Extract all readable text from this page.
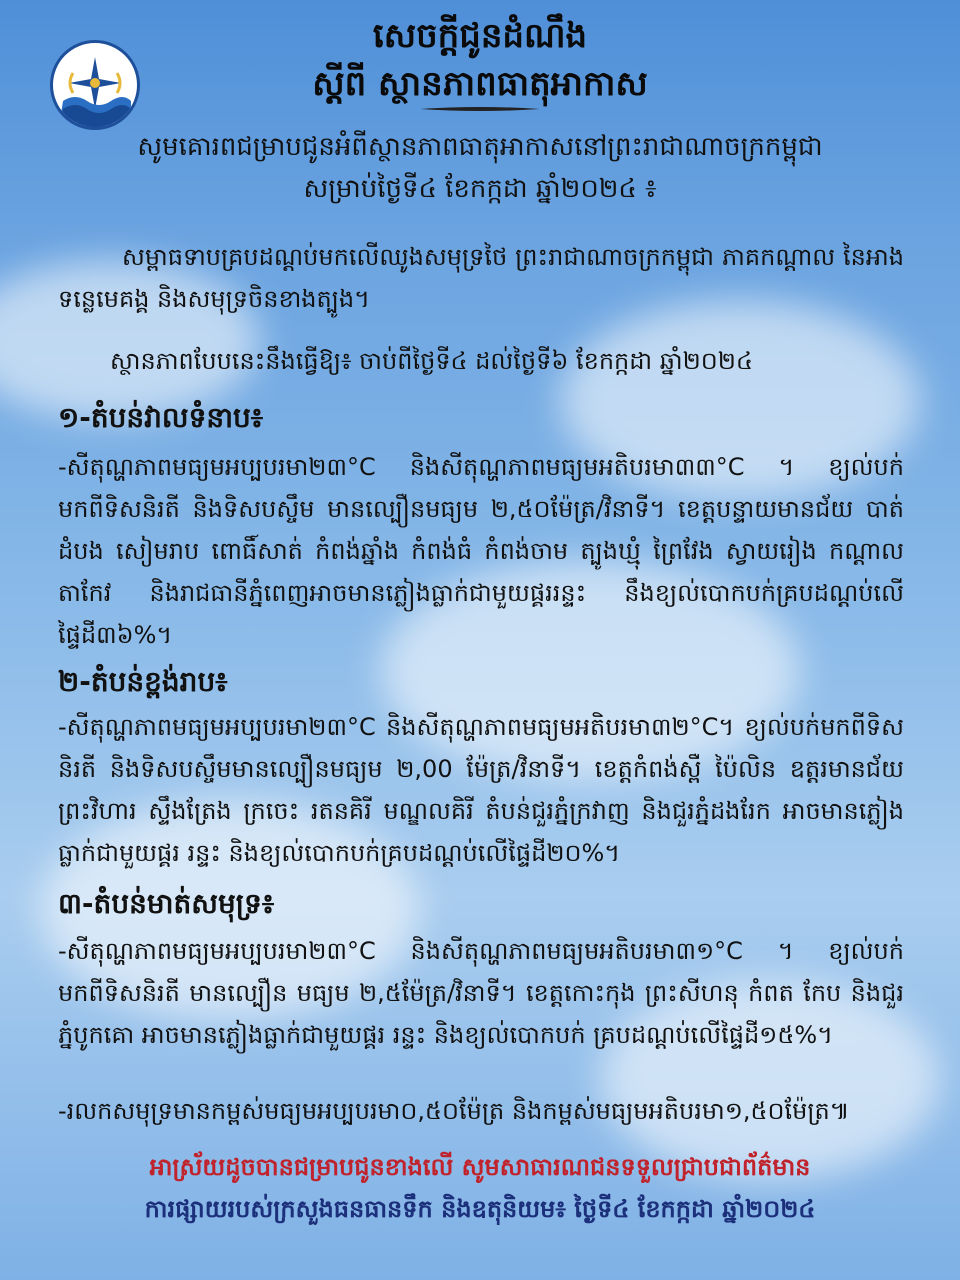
សេចក្តីជូនដំណឹង
ស្តីពី ស្ថានភាពធាតុអាកាស
សូមគោរពជម្រាបជូនអំពីស្ថានភាពធាតុអាកាសនៅព្រះរាជាណាចក្រកម្ពុជា
សម្រាប់ថ្ងៃទី៤ ខែកក្កដា ឆ្នាំ២០២៤ ៖
សម្ពាធទាបគ្របដណ្តប់មកលើឈូងសមុទ្រថៃ ព្រះរាជាណាចក្រកម្ពុជា ភាគកណ្តាល នៃអាងទន្លេមេគង្គ និងសមុទ្រចិនខាងត្បូង។
ស្ថានភាពបែបនេះនឹងធ្វើឱ្យ៖ ចាប់ពីថ្ងៃទី៤ ដល់ថ្ងៃទី៦ ខែកក្កដា ឆ្នាំ២០២៤
១-តំបន់វាលទំនាប៖
-សីតុណ្ហភាពមធ្យមអប្បបរមា២៣°C និងសីតុណ្ហភាពមធ្យមអតិបរមា៣៣°C ។ ខ្យល់បក់មកពីទិសនិរតី និងទិសបស្ចឹម មានល្បឿនមធ្យម ២,៥០ម៉ែត្រ/វិនាទី។ ខេត្តបន្ទាយមានជ័យ បាត់ដំបង សៀមរាប ពោធិ៍សាត់ កំពង់ឆ្នាំង កំពង់ធំ កំពង់ចាម ត្បូងឃ្មុំ ព្រៃវែង ស្វាយរៀង កណ្តាល តាកែវ និងរាជធានីភ្នំពេញអាចមានភ្លៀងធ្លាក់ជាមួយផ្គររន្ទះ នឹងខ្យល់បោកបក់គ្របដណ្តប់លើផ្ទៃដី៣៦%។
២-តំបន់ខ្ពង់រាប៖
-សីតុណ្ហភាពមធ្យមអប្បបរមា២៣°C និងសីតុណ្ហភាពមធ្យមអតិបរមា៣២°C។ ខ្យល់បក់មកពីទិសនិរតី និងទិសបស្ចឹមមានល្បឿនមធ្យម ២,00 ម៉ែត្រ/វិនាទី។ ខេត្តកំពង់ស្ពឺ ប៉ៃលិន ឧត្តរមានជ័យ ព្រះវិហារ ស្ទឹងត្រែង ក្រចេះ រតនគិរី មណ្ឌលគិរី តំបន់ជួរភ្នំក្រវាញ និងជួរភ្នំដងរែក អាចមានភ្លៀងធ្លាក់ជាមួយផ្គរ រន្ទះ និងខ្យល់បោកបក់គ្របដណ្តប់លើផ្ទៃដី២០%។
៣-តំបន់មាត់សមុទ្រ៖
-សីតុណ្ហភាពមធ្យមអប្បបរមា២៣°C និងសីតុណ្ហភាពមធ្យមអតិបរមា៣១°C ។ ខ្យល់បក់មកពីទិសនិរតី មានល្បឿន មធ្យម ២,៥ម៉ែត្រ/វិនាទី។ ខេត្តកោះកុង ព្រះសីហនុ កំពត កែប និងជួរភ្នំបូកគោ អាចមានភ្លៀងធ្លាក់ជាមួយផ្គរ រន្ទះ និងខ្យល់បោកបក់ គ្របដណ្តប់លើផ្ទៃដី១៥%។
-រលកសមុទ្រមានកម្ពស់មធ្យមអប្បបរមា០,៥០ម៉ែត្រ និងកម្ពស់មធ្យមអតិបរមា១,៥០ម៉ែត្រ៕
អាស្រ័យដូចបានជម្រាបជូនខាងលើ សូមសាធារណជនទទួលជ្រាបជាព័ត៌មាន
ការផ្សាយរបស់ក្រសួងធនធានទឹក និងឧតុនិយម៖ ថ្ងៃទី៤ ខែកក្កដា ឆ្នាំ២០២៤
